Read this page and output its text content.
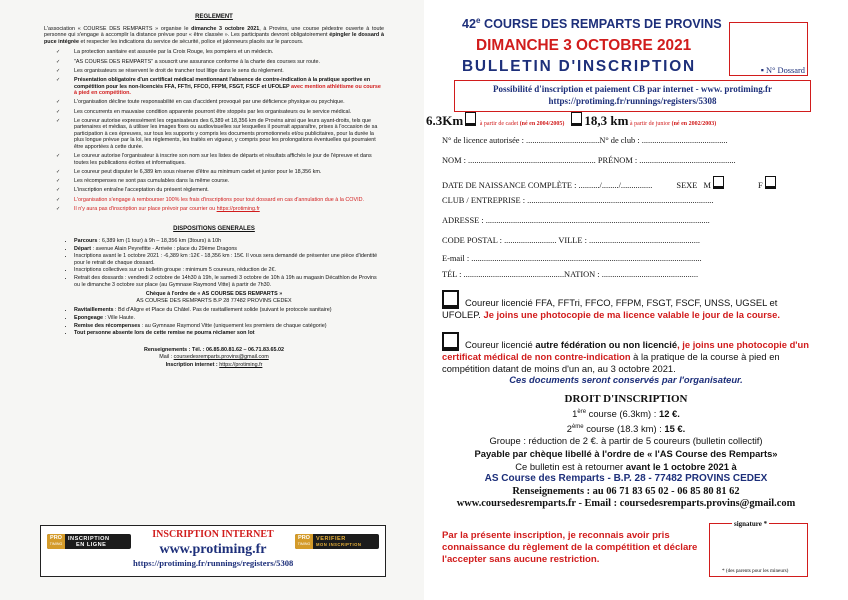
REGLEMENT
L'association « COURSE DES REMPARTS » organise le dimanche 3 octobre 2021, à Provins, une course pédestre ouverte à toute personne qui s'engage à accomplir la distance prévue pour « être classée ». Les participants devront obligatoirement épingler le dossard à puce intégrée et respecter les indications du service de sécurité, police et jalonneurs placés sur le parcours.
✓	La protection sanitaire est assurée par la Croix Rouge, les pompiers et un médecin.
✓	"AS COURSE DES REMPARTS" a souscrit une assurance conforme à la charte des courses sur route.
✓	Les organisateurs se réservent le droit de trancher tout litige dans le sens du règlement.
✓	Présentation obligatoire d'un certificat médical mentionnant l'absence de contre-indication à la pratique sportive en compétition pour les non-licenciés FFA, FFTri, FFCO, FFPM, FSGT, FSCF et UFOLEP avec mention athlétisme ou course à pied en compétition.
✓	L'organisation décline toute responsabilité en cas d'accident provoqué par une déficience physique ou psychique.
✓	Les concurrents en mauvaise condition apparente pourront être stoppés par les organisateurs ou le service médical.
✓	Le coureur autorise expressément les organisateurs des 6,389 et 18,356 km de Provins ainsi que leurs ayant-droits, tels que partenaires et médias, à utiliser les images fixes ou audiovisuelles sur lesquelles il pourrait apparaître, prises à l'occasion de sa participation à ces épreuves, sur tous les supports y compris les documents promotionnels et/ou publicitaires, pour la durée la plus longue prévue par la loi, les règlements, les traités en vigueur, y compris pour les prolongations éventuelles qui pourraient être apportées à cette durée.
✓	Le coureur autorise l'organisateur à inscrire son nom sur les listes de départs et résultats affichés le jour de l'épreuve et dans toutes les publications écrites et informatiques.
✓	Le coureur peut disputer le 6,389 km sous réserve d'être au minimum cadet et junior pour le 18,356 km.
✓	Les récompenses ne sont pas cumulables dans la même course.
✓	L'inscription entraîne l'acceptation du présent règlement.
✓	L'organisation s'engage à rembourser 100% les frais d'inscriptions pour tout dossard en cas d'annulation due à la COVID.
✓	Il n'y aura pas d'inscription sur place prévoir par courrier ou https://protiming.fr
DISPOSITIONS GENERALES
• Parcours : 6,389 km (1 tour) à 9h – 18,356 km (3tours) à 10h
• Départ : avenue Alain Peyrefitte - Arrivée : place du 29ème Dragons
• Inscriptions avant le 1 octobre 2021 : -6,389 km :12€ - 18,356 km : 15€. Il vous sera demandé de présenter une pièce d'identité pour le retrait de chaque dossard.
• Inscriptions collectives sur un bulletin groupe : minimum 5 coureurs, réduction de 2€.
• Retrait des dossards : vendredi 2 octobre de 14h30 à 19h, le samedi 3 octobre de 10h à 19h au magasin Décathlon de Provins ou le dimanche 3 octobre sur place (au Gymnase Raymond Vitte) à partir de 7h30.
Chèque à l'ordre de « AS COURSE DES REMPARTS »
AS COURSE DES REMPARTS B.P 28 77482 PROVINS CEDEX
• Ravitaillements : Bd d'Aligre et Place du Châtel. Pas de ravitaillement solide (suivant le protocole sanitaire)
• Epongeage : Ville Haute.
• Remise des récompenses : au Gymnase Raymond Vitte (uniquement les premiers de chaque catégorie)
• Tout personne absente lors de cette remise ne pourra réclamer son lot
Renseignements : Tél. : 06.85.80.81.62 – 06.71.83.65.02
Mail : coursedesremparts.provins@gmail.com
Inscription internet : https://protiming.fr
PRO
TIMING
INSCRIPTION
EN LIGNE
PRO
TIMING
VERIFIER
MON INSCRIPTION
INSCRIPTION INTERNET
www.protiming.fr
https://protiming.fr/runnings/registers/5308
42e COURSE DES REMPARTS DE PROVINS
DIMANCHE 3 OCTOBRE 2021
BULLETIN D'INSCRIPTION	▪ N° Dossard
Possibilité d'inscription et paiement CB par internet - www. protiming.fr
https://protiming.fr/runnings/registers/5308
6.3Km	à partir de cadet (né en 2004/2005) 18,3 km à partir de junior (né en 2002/2003)
N° de licence autorisée : ...................................N° de club : .........................................
NOM : ............................................................. PRÉNOM : ..............................................
DATE DE NAISSANCE COMPLÈTE : ........../......../...............	SEXE M	F
CLUB / ENTREPRISE : .........................................................................................
ADRESSE : ...........................................................................................................
CODE POSTAL : ......................... VILLE : .....................................................
E-mail : ..............................................................................................................
TÉL : ................................................NATION : ..............................................
Coureur licencié FFA, FFTri, FFCO, FFPM, FSGT, FSCF, UNSS, UGSEL et UFOLEP. Je joins une photocopie de ma licence valable le jour de la course.
Coureur licencié autre fédération ou non licencié, je joins une photocopie d'un certificat médical de non contre-indication à la pratique de la course à pied en compétition datant de moins d'un an, au 3 octobre 2021.
Ces documents seront conservés par l'organisateur.
DROIT D'INSCRIPTION
1ère course (6.3km) : 12 €.
2ème course (18.3 km) : 15 €.
Groupe : réduction de 2 €. à partir de 5 coureurs (bulletin collectif)
Payable par chèque libellé à l'ordre de « l'AS Course des Remparts»
Ce bulletin est à retourner avant le 1 octobre 2021 à
AS Course des Remparts - B.P. 28 - 77482 PROVINS CEDEX
Renseignements : au 06 71 83 65 02 - 06 85 80 81 62
www.coursedesremparts.fr - Email : coursedesremparts.provins@gmail.com
Par la présente inscription, je reconnais avoir pris connaissance du règlement de la compétition et déclare l'accepter sans aucune restriction.
signature *
* (des parents pour les mineurs)
